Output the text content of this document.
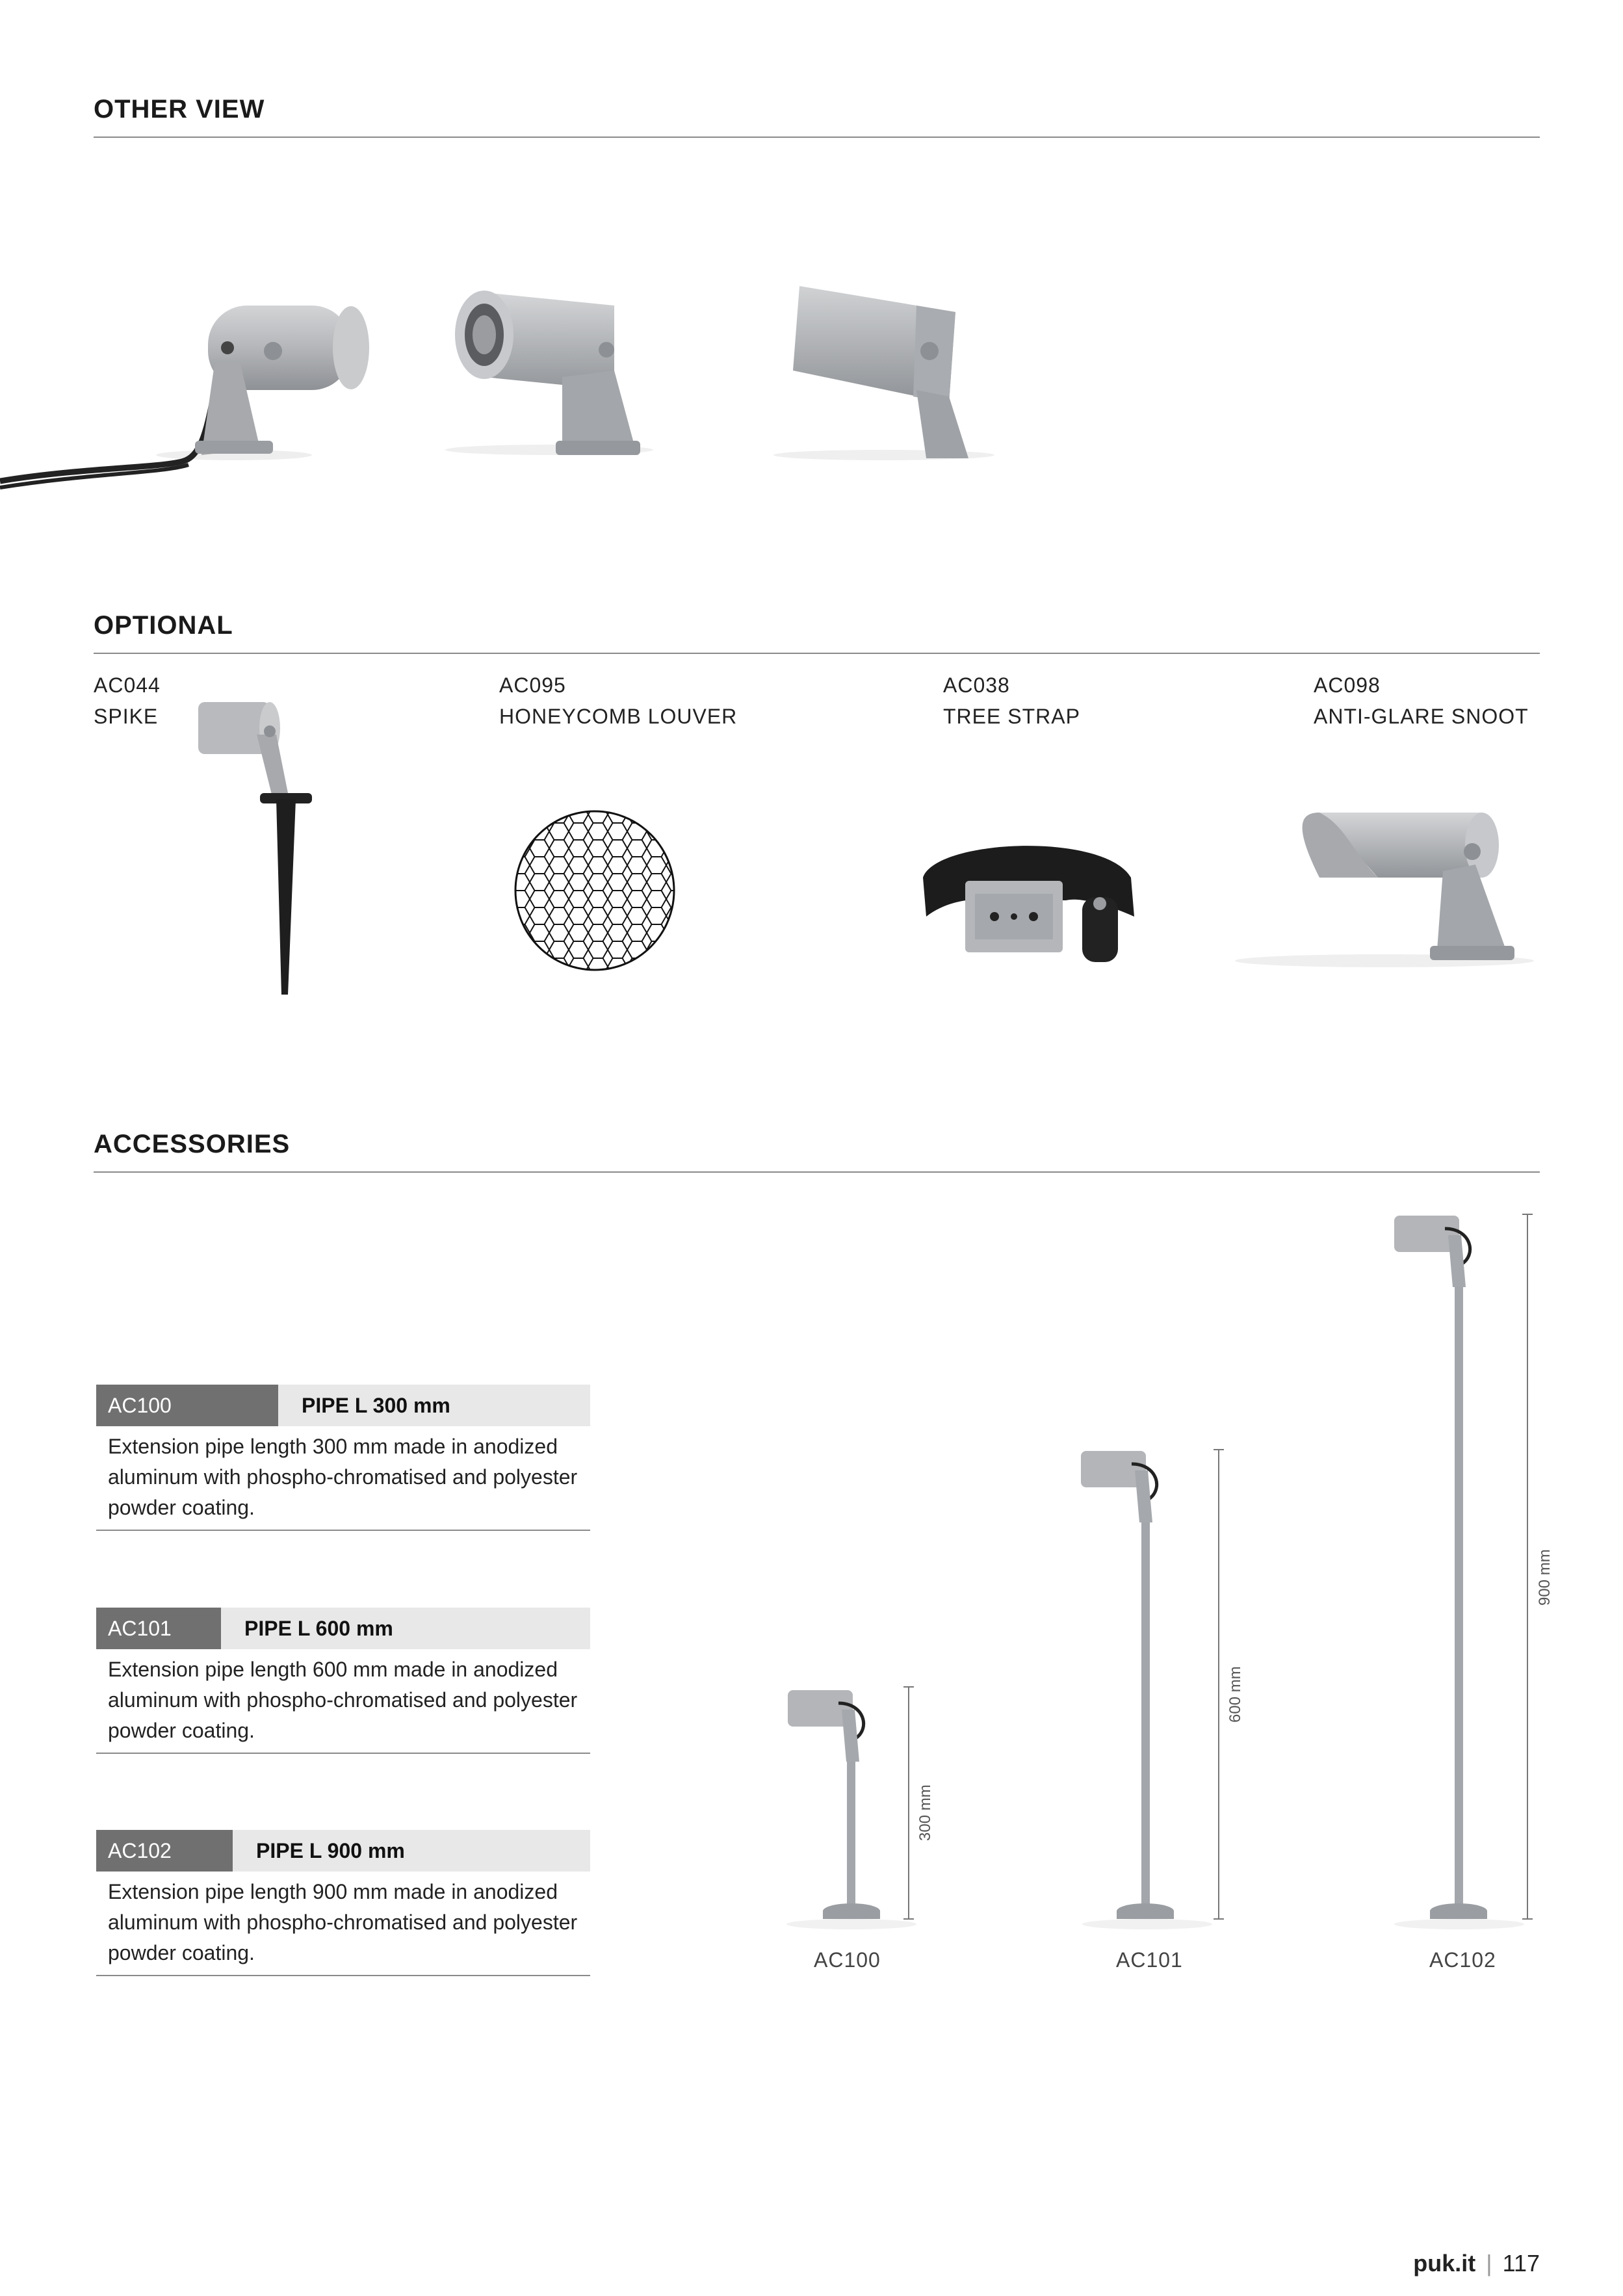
OTHER VIEW
OPTIONAL
AC044
SPIKE
AC095
HONEYCOMB LOUVER
AC038
TREE STRAP
AC098
ANTI-GLARE SNOOT
ACCESSORIES
AC100	PIPE L 300 mm
Extension pipe length 300 mm made in anodized aluminum with phospho-chromatised and polyester powder coating.
AC101	PIPE L 600 mm
Extension pipe length 600 mm made in anodized aluminum with phospho-chromatised and polyester powder coating.
AC102	PIPE L 900 mm
Extension pipe length 900 mm made in anodized aluminum with phospho-chromatised and polyester powder coating.
300 mm
600 mm
900 mm
AC100	AC101	AC102
puk.it | 117
